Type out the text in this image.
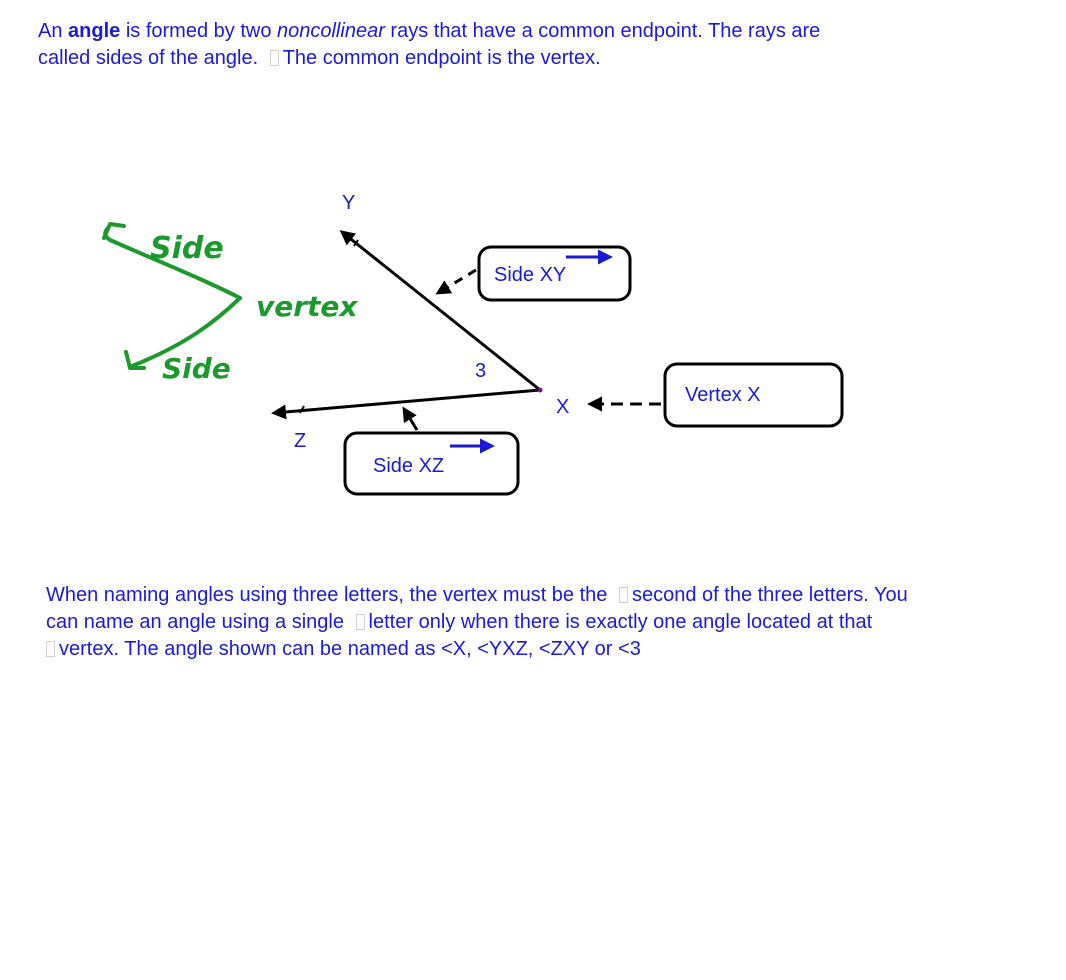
An angle is formed by two noncollinear rays that have a common endpoint. The rays are
called sides of the angle. The common endpoint is the vertex.

Side
vertex
Side
Y
X
Z
3
Side XY
Vertex X
Side XZ

When naming angles using three letters, the vertex must be the second of the three letters. You
can name an angle using a single letter only when there is exactly one angle located at that
vertex. The angle shown can be named as <X, <YXZ, <ZXY or <3
